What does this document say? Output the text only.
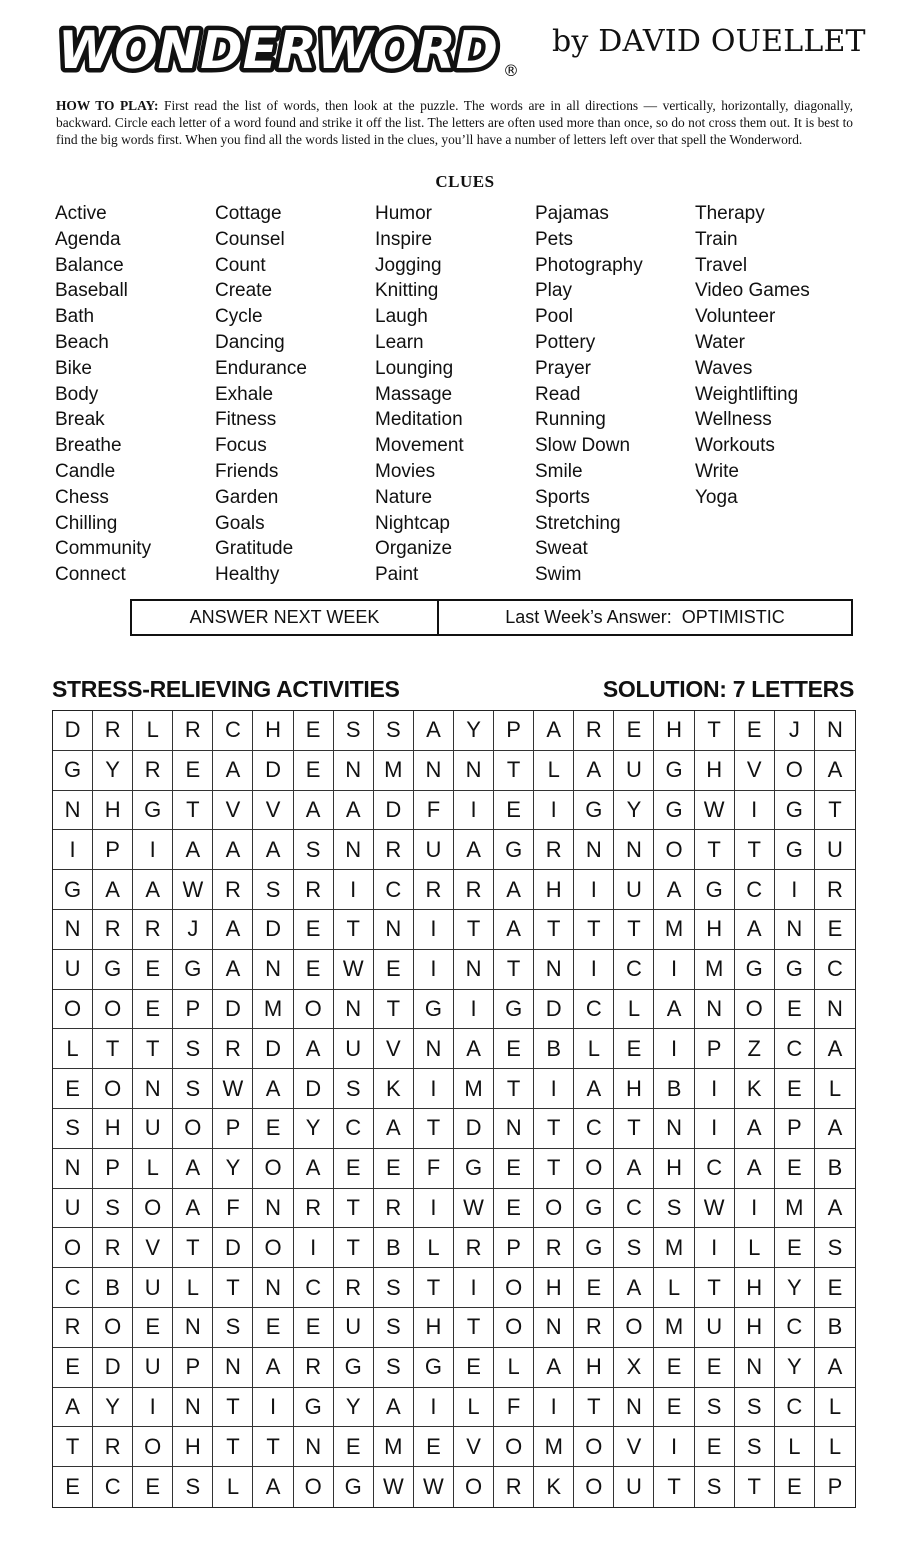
WONDERWORD ®
by DAVID OUELLET
HOW TO PLAY: First read the list of words, then look at the puzzle. The words are in all directions — vertically, horizontally, diagonally, backward. Circle each letter of a word found and strike it off the list. The letters are often used more than once, so do not cross them out. It is best to find the big words first. When you find all the words listed in the clues, you’ll have a number of letters left over that spell the Wonderword.
CLUES
Active
Agenda
Balance
Baseball
Bath
Beach
Bike
Body
Break
Breathe
Candle
Chess
Chilling
Community
Connect
Cottage
Counsel
Count
Create
Cycle
Dancing
Endurance
Exhale
Fitness
Focus
Friends
Garden
Goals
Gratitude
Healthy
Humor
Inspire
Jogging
Knitting
Laugh
Learn
Lounging
Massage
Meditation
Movement
Movies
Nature
Nightcap
Organize
Paint
Pajamas
Pets
Photography
Play
Pool
Pottery
Prayer
Read
Running
Slow Down
Smile
Sports
Stretching
Sweat
Swim
Therapy
Train
Travel
Video Games
Volunteer
Water
Waves
Weightlifting
Wellness
Workouts
Write
Yoga
ANSWER NEXT WEEK	Last Week’s Answer:  OPTIMISTIC
STRESS-RELIEVING ACTIVITIES	SOLUTION: 7 LETTERS
D	R	L	R	C	H	E	S	S	A	Y	P	A	R	E	H	T	E	J	N
G	Y	R	E	A	D	E	N	M	N	N	T	L	A	U	G	H	V	O	A
N	H	G	T	V	V	A	A	D	F	I	E	I	G	Y	G W	I	G	T
I	P	I	A	A	A	S	N	R	U	A	G	R	N	N	O	T	T	G	U
G	A	A	W R	S	R	I	C	R	R	A	H	I	U	A	G	C	I	R
N	R	R	J	A	D	E	T	N	I	T	A	T	T	T	M	H	A	N	E
U	G	E	G	A	N	E	W	E	I	N	T	N	I	C	I	M	G	G	C
O	O	E	P	D	M	O	N	T	G	I	G	D	C	L	A	N	O	E	N
L	T	T	S	R	D	A	U	V	N	A	E	B	L	E	I	P	Z	C	A
E	O	N	S	W	A	D	S	K	I	M	T	I	A	H	B	I	K	E	L
S	H	U	O	P	E	Y	C	A	T	D	N	T	C	T	N	I	A	P	A
N	P	L	A	Y	O	A	E	E	F	G	E	T	O	A	H	C	A	E	B
U	S	O	A	F	N	R	T	R	I	W	E	O	G	C	S	W	I	M	A
O	R	V	T	D	O	I	T	B	L	R	P	R	G	S	M	I	L	E	S
C	B	U	L	T	N	C	R	S	T	I	O	H	E	A	L	T	H	Y	E
R	O	E	N	S	E	E	U	S	H	T	O	N	R	O	M	U	H	C	B
E	D	U	P	N	A	R	G	S	G	E	L	A	H	X	E	E	N	Y	A
A	Y	I	N	T	I	G	Y	A	I	L	F	I	T	N	E	S	S	C	L
T	R	O	H	T	T	N	E	M	E	V	O	M	O	V	I	E	S	L	L
E	C	E	S	L	A	O	G W W O	R	K	O	U	T	S	T	E	P
